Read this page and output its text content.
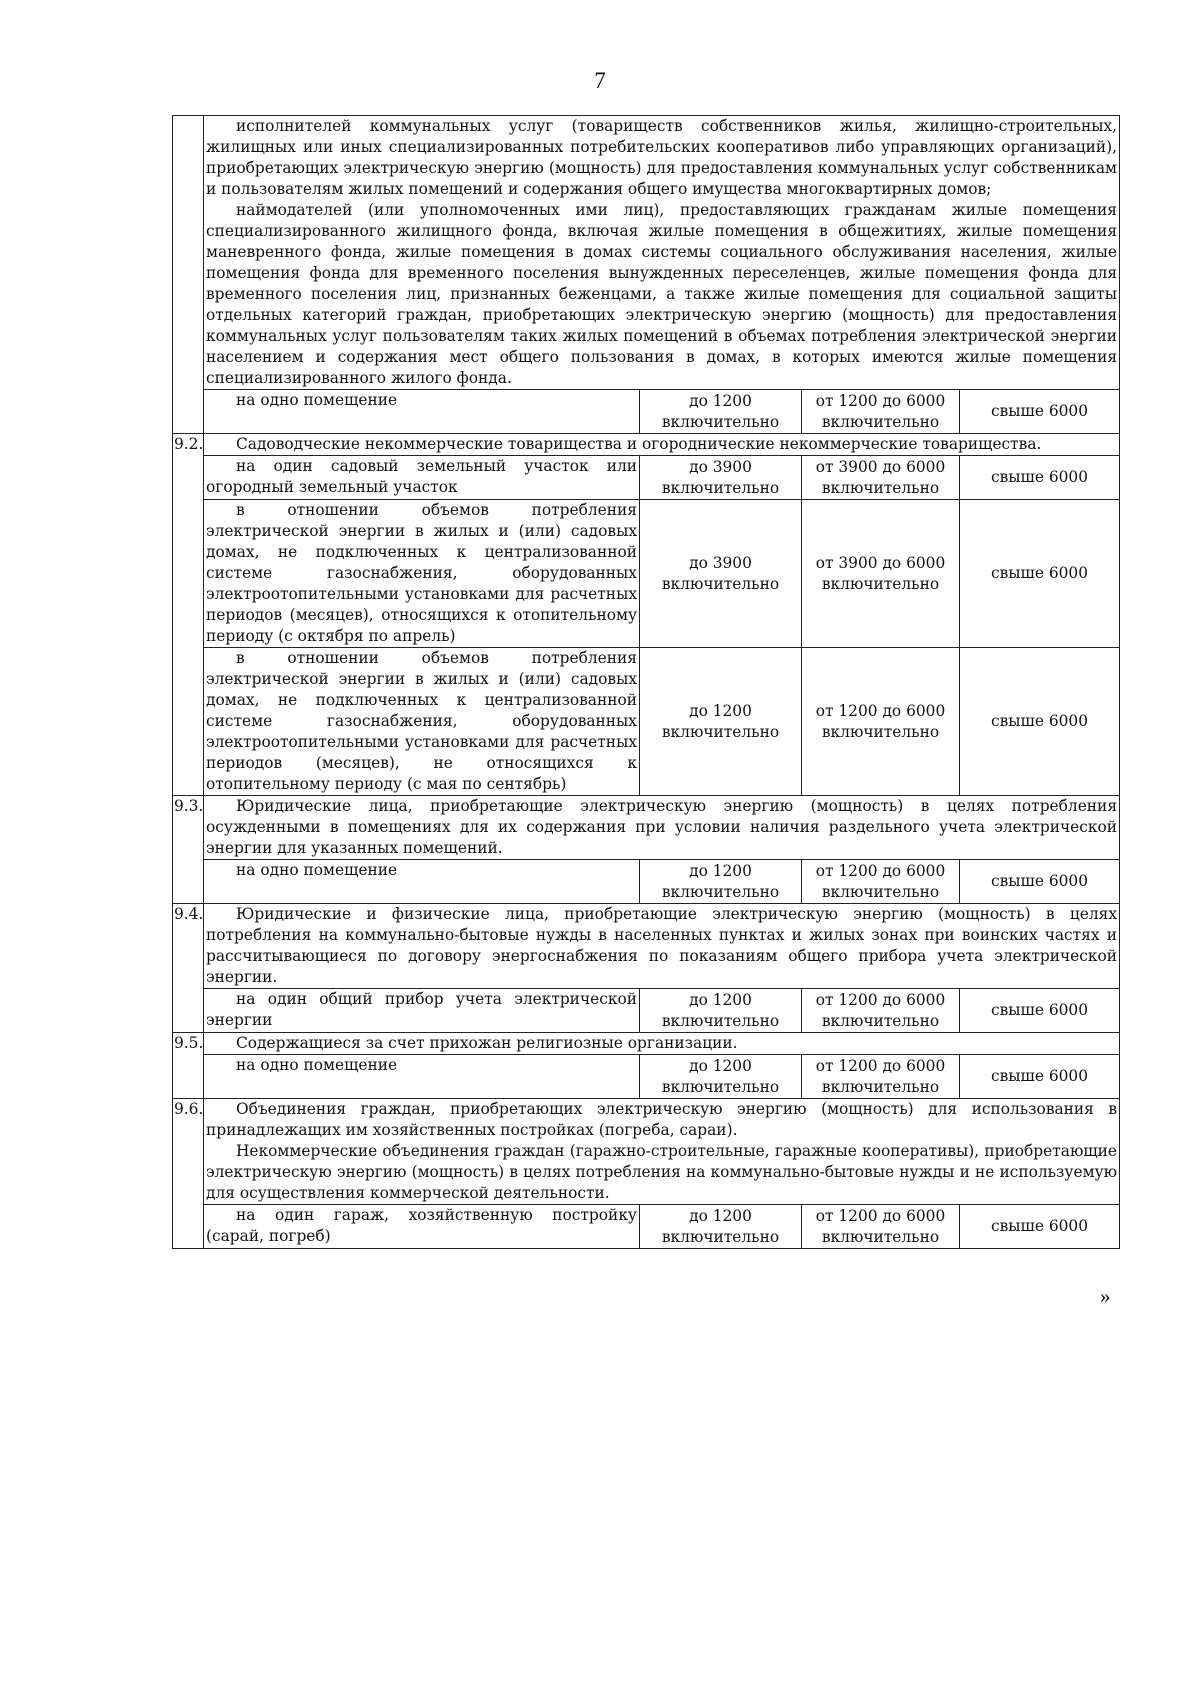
7

	исполнителей коммунальных услуг (товариществ собственников жилья, жилищно-строительных, жилищных или иных специализированных потребительских кооперативов либо управляющих организаций), приобретающих электрическую энергию (мощность) для предоставления коммунальных услуг собственникам и пользователям жилых помещений и содержания общего имущества многоквартирных домов;

наймодателей (или уполномоченных ими лиц), предоставляющих гражданам жилые помещения специализированного жилищного фонда, включая жилые помещения в общежитиях, жилые помещения маневренного фонда, жилые помещения в домах системы социального обслуживания населения, жилые помещения фонда для временного поселения вынужденных переселенцев, жилые помещения фонда для временного поселения лиц, признанных беженцами, а также жилые помещения для социальной защиты отдельных категорий граждан, приобретающих электрическую энергию (мощность) для предоставления коммунальных услуг пользователям таких жилых помещений в объемах потребления электрической энергии населением и содержания мест общего пользования в домах, в которых имеются жилые помещения специализированного жилого фонда.			

	на одно помещение	до 1200 включительно	от 1200 до 6000 включительно	свыше 6000
9.2.	Садоводческие некоммерческие товарищества и огороднические некоммерческие товарищества.			

	на один садовый земельный участок или огородный земельный участок	до 3900 включительно	от 3900 до 6000 включительно	свыше 6000

	в отношении объемов потребления электрической энергии в жилых и (или) садовых домах, не подключенных к централизованной системе газоснабжения, оборудованных электроотопительными установками для расчетных периодов (месяцев), относящихся к отопительному периоду (с октября по апрель)	до 3900 включительно	от 3900 до 6000 включительно	свыше 6000

	в отношении объемов потребления электрической энергии в жилых и (или) садовых домах, не подключенных к централизованной системе газоснабжения, оборудованных электроотопительными установками для расчетных периодов (месяцев), не относящихся к отопительному периоду (с мая по сентябрь)	до 1200 включительно	от 1200 до 6000 включительно	свыше 6000
9.3.	Юридические лица, приобретающие электрическую энергию (мощность) в целях потребления осужденными в помещениях для их содержания при условии наличия раздельного учета электрической энергии для указанных помещений.			

	на одно помещение	до 1200 включительно	от 1200 до 6000 включительно	свыше 6000
9.4.	Юридические и физические лица, приобретающие электрическую энергию (мощность) в целях потребления на коммунально-бытовые нужды в населенных пунктах и жилых зонах при воинских частях и рассчитывающиеся по договору энергоснабжения по показаниям общего прибора учета электрической энергии.			

	на один общий прибор учета электрической энергии	до 1200 включительно	от 1200 до 6000 включительно	свыше 6000
9.5.	Содержащиеся за счет прихожан религиозные организации.			

	на одно помещение	до 1200 включительно	от 1200 до 6000 включительно	свыше 6000
9.6.	Объединения граждан, приобретающих электрическую энергию (мощность) для использования в принадлежащих им хозяйственных постройках (погреба, сараи).

Некоммерческие объединения граждан (гаражно-строительные, гаражные кооперативы), приобретающие электрическую энергию (мощность) в целях потребления на коммунально-бытовые нужды и не используемую для осуществления коммерческой деятельности.			

	на один гараж, хозяйственную постройку (сарай, погреб)	до 1200 включительно	от 1200 до 6000 включительно	свыше 6000
»
